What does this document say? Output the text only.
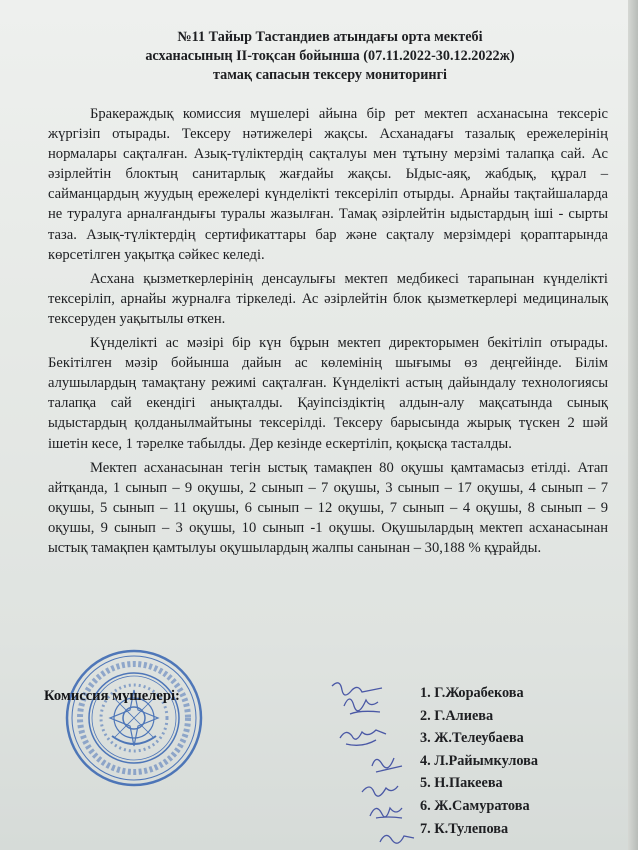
№11 Тайыр Тастандиев атындағы орта мектебі
асханасының ІІ-тоқсан бойынша (07.11.2022-30.12.2022ж)
тамақ сапасын тексеру мониторингі

Бракераждық комиссия мүшелері айына бір рет мектеп асханасына тексеріс жүргізіп отырады. Тексеру нәтижелері жақсы. Асханадағы тазалық ережелерінің нормалары сақталған. Азық-түліктердің сақталуы мен тұтыну мерзімі талапқа сай. Ас әзірлейтін блоктың санитарлық жағдайы жақсы. Ыдыс-аяқ, жабдық, құрал – сайманцардың жуудың ережелері күнделікті тексеріліп отырды. Арнайы тақтайшаларда не туралуга арналғандығы туралы жазылған. Тамақ әзірлейтін ыдыстардың іші - сырты таза. Азық-түліктердің сертификаттары бар және сақталу мерзімдері қораптарында көрсетілген уақытқа сәйкес келеді.

Асхана қызметкерлерінің денсаулығы мектеп медбикесі тарапынан күнделікті тексеріліп, арнайы журналға тіркеледі. Ас әзірлейтін блок қызметкерлері медициналық тексеруден уақытылы өткен.

Күнделікті ас мәзірі бір күн бұрын мектеп директорымен бекітіліп отырады. Бекітілген мәзір бойынша дайын ас көлемінің шығымы өз деңгейінде. Білім алушылардың тамақтану режимі сақталған. Күнделікті астың дайындалу технологиясы талапқа сай екендігі анықталды. Қауіпсіздіктің алдын-алу мақсатында сынық ыдыстардың қолданылмайтыны тексерілді. Тексеру барысында жырық түскен 2 шәй ішетін кесе, 1 тәрелке табылды. Дер кезінде ескертіліп, қоқысқа тасталды.

Мектеп асханасынан тегін ыстық тамақпен 80 оқушы қамтамасыз етілді. Атап айтқанда, 1 сынып – 9 оқушы, 2 сынып – 7 оқушы, 3 сынып – 17 оқушы, 4 сынып – 7 оқушы, 5 сынып – 11 оқушы, 6 сынып – 12 оқушы, 7 сынып – 4 оқушы, 8 сынып – 9 оқушы, 9 сынып – 3 оқушы, 10 сынып -1 оқушы. Оқушылардың мектеп асханасынан ыстық тамақпен қамтылуы оқушылардың жалпы санынан – 30,188 % құрайды.

Комиссия мүшелері:	1. Г.Жорабекова
2. Г.Алиева
3. Ж.Телеубаева
4. Л.Райымкулова
5. Н.Пакеева
6. Ж.Самуратова
7. К.Тулепова
